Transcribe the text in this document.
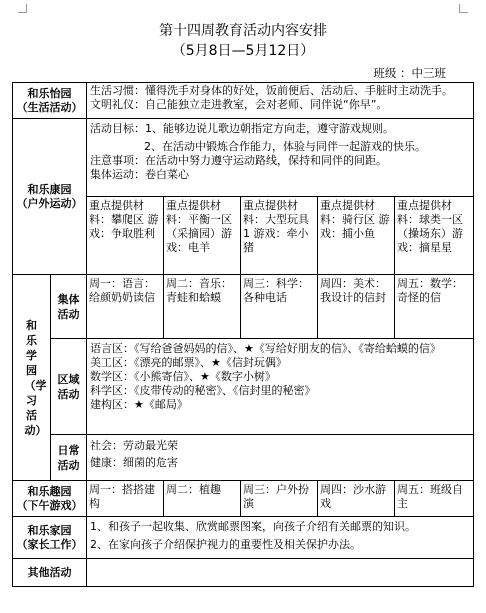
第十四周教育活动内容安排
（5月8日—5月12日）
班级 ：中三班
和乐怡园
（生活活动）		生活习惯：懂得洗手对身体的好处，饭前便后、活动后、手脏时主动洗手。
文明礼仪：自己能独立走进教室，会对老师、同伴说“你早”。				

和乐康园
（户外运动）		活动目标：1、能够边说儿歌边朝指定方向走，遵守游戏规则。
2、在活动中锻炼合作能力，体验与同伴一起游戏的快乐。
注意事项：在活动中努力遵守运动路线，保持和同伴的间距。
集体运动：卷白菜心				

		重点提供材料：攀爬区 游戏：争取胜利	重点提供材料：平衡一区（采摘园）游戏：电羊	重点提供材料：大型玩具1 游戏：牵小猪	重点提供材料：骑行区 游戏：捕小鱼	重点提供材料：球类一区（操场东）游戏：摘星星

和乐学园（学习活动）	集体活动	周一：语言：给颜奶奶读信	周二：音乐：青蛙和蛤蟆	周三：科学：各种电话	周四：美术：我设计的信封	周五：数学：奇怪的信

	区域活动	语言区：《写给爸爸妈妈的信》、★《写给好朋友的信》、《寄给蛤蟆的信》
美工区：《漂亮的邮票》、★《信封玩偶》
数学区：《小熊寄信》、★《数字小树》
科学区：《皮带传动的秘密》、《信封里的秘密》
建构区：★《邮局》				

	日常活动	社会：劳动最光荣
健康：细菌的危害				

和乐趣园
（下午游戏）		周一：搭搭建构	周二：植趣	周三：户外扮演	周四：沙水游戏	周五：班级自主

和乐家园
（家长工作）		1、和孩子一起收集、欣赏邮票图案，向孩子介绍有关邮票的知识。
2、在家向孩子介绍保护视力的重要性及相关保护办法。				

其他活动						
